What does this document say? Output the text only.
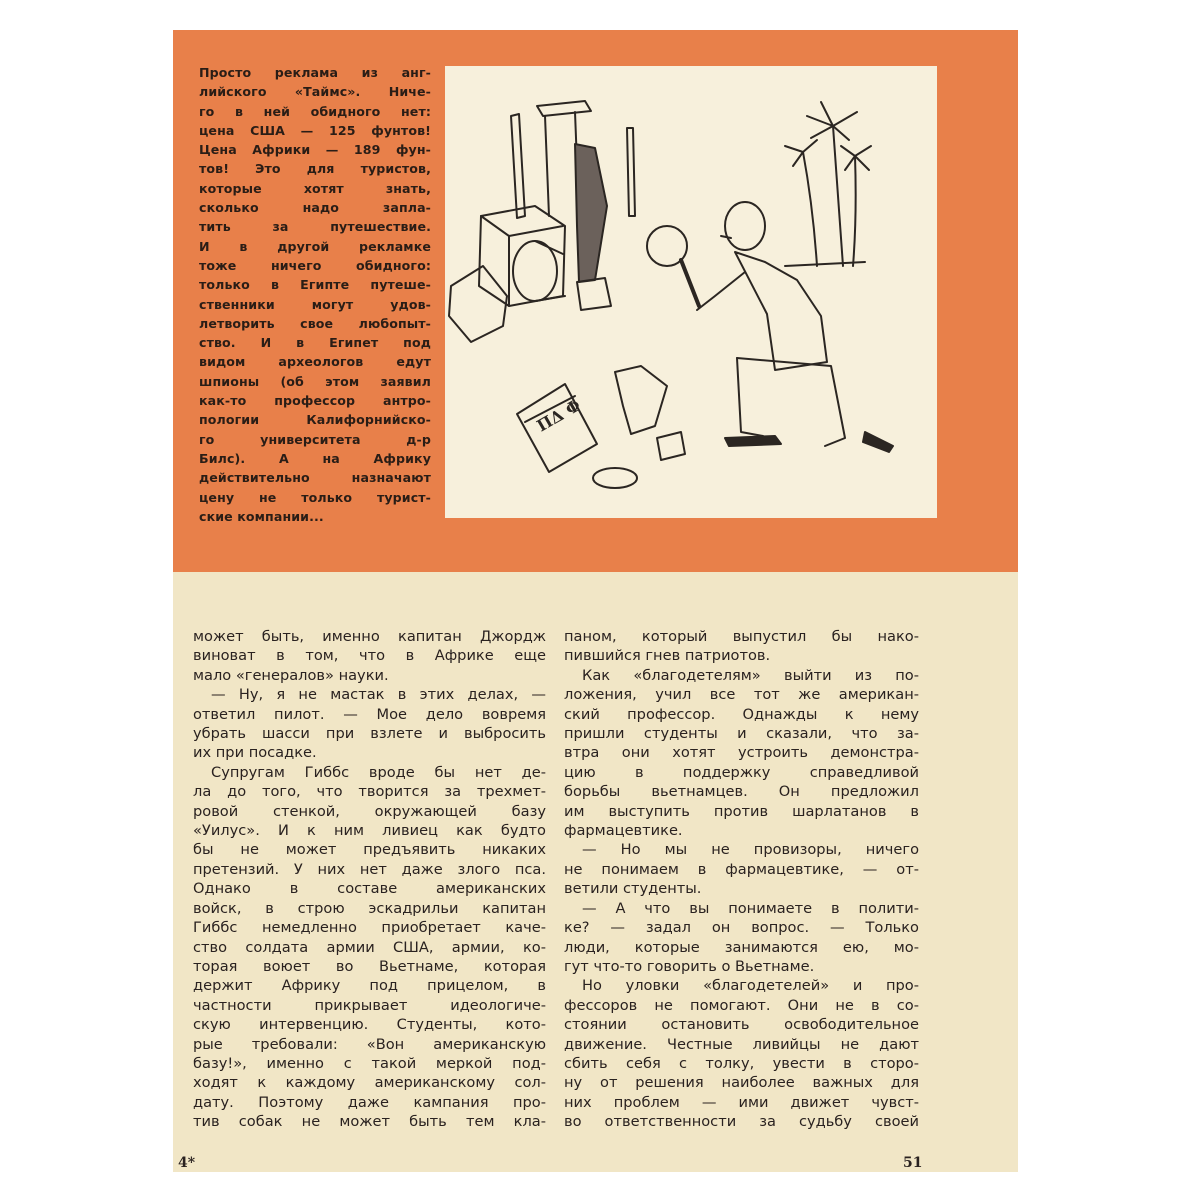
Просто реклама из анг-
лийского «Таймс». Ниче-
го в ней обидного нет:
цена США — 125 фунтов!
Цена Африки — 189 фун-
тов! Это для туристов,
которые хотят знать,
сколько надо запла-
тить за путешествие.
И в другой рекламке
тоже ничего обидного:
только в Египте путеше-
ственники могут удов-
летворить свое любопыт-
ство. И в Египет под
видом археологов едут
шпионы (об этом заявил
как-то профессор антро-
пологии Калифорнийско-
го университета д-р
Билс). А на Африку
действительно назначают
цену не только турист-
ские компании...
ΠΔ Φ
может быть, именно капитан Джордж
виноват в том, что в Африке еще
мало «генералов» науки.
— Ну, я не мастак в этих делах, —
ответил пилот. — Мое дело вовремя
убрать шасси при взлете и выбросить
их при посадке.
Супругам Гиббс вроде бы нет де-
ла до того, что творится за трехмет-
ровой стенкой, окружающей базу
«Уилус». И к ним ливиец как будто
бы не может предъявить никаких
претензий. У них нет даже злого пса.
Однако в составе американских
войск, в строю эскадрильи капитан
Гиббс немедленно приобретает каче-
ство солдата армии США, армии, ко-
торая воюет во Вьетнаме, которая
держит Африку под прицелом, в
частности прикрывает идеологиче-
скую интервенцию. Студенты, кото-
рые требовали: «Вон американскую
базу!», именно с такой меркой под-
ходят к каждому американскому сол-
дату. Поэтому даже кампания про-
тив собак не может быть тем кла-
паном, который выпустил бы нако-
пившийся гнев патриотов.
Как «благодетелям» выйти из по-
ложения, учил все тот же американ-
ский профессор. Однажды к нему
пришли студенты и сказали, что за-
втра они хотят устроить демонстра-
цию в поддержку справедливой
борьбы вьетнамцев. Он предложил
им выступить против шарлатанов в
фармацевтике.
— Но мы не провизоры, ничего
не понимаем в фармацевтике, — от-
ветили студенты.
— А что вы понимаете в полити-
ке? — задал он вопрос. — Только
люди, которые занимаются ею, мо-
гут что-то говорить о Вьетнаме.
Но уловки «благодетелей» и про-
фессоров не помогают. Они не в со-
стоянии остановить освободительное
движение. Честные ливийцы не дают
сбить себя с толку, увести в сторо-
ну от решения наиболее важных для
них проблем — ими движет чувст-
во ответственности за судьбу своей
4*	51
